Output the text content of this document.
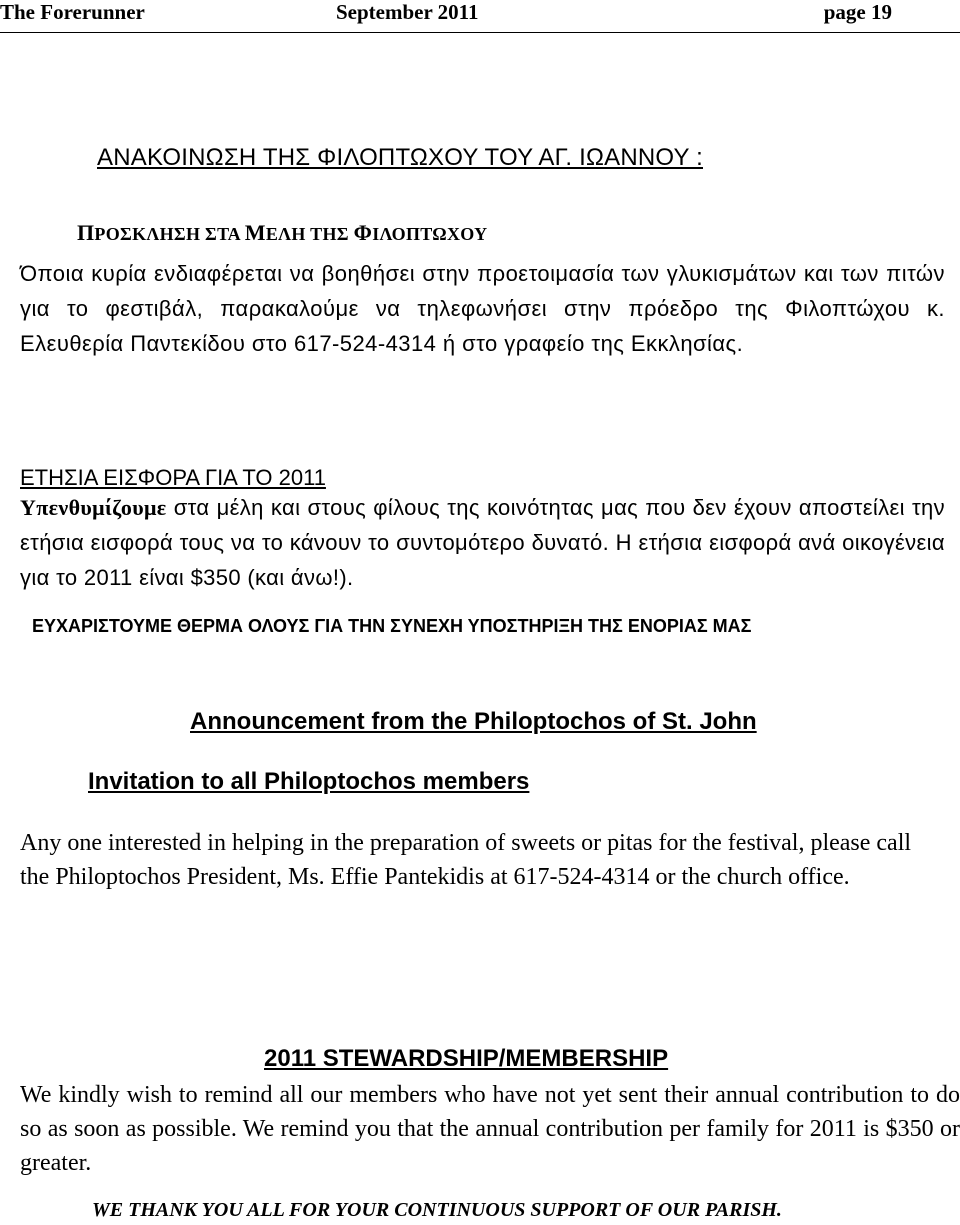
The Forerunner	September 2011	page 19
ΑΝΑΚΟΙΝΩΣΗ ΤΗΣ ΦΙΛΟΠΤΩΧΟΥ ΤΟΥ ΑΓ. ΙΩΑΝΝΟΥ :
ΠΡΟΣΚΛΗΣΗ ΣΤΑ ΜΕΛΗ ΤΗΣ ΦΙΛΟΠΤΩΧΟΥ

Όποια κυρία ενδιαφέρεται να βοηθήσει στην προετοιμασία των γλυκισμάτων και των πιτών για το φεστιβάλ, παρακαλούμε να τηλεφωνήσει στην πρόεδρο της Φιλοπτώχου κ. Ελευθερία Παντεκίδου στο 617-524-4314 ή στο γραφείο της Εκκλησίας.

ΕΤΗΣΙΑ ΕΙΣΦΟΡΑ ΓΙΑ ΤΟ 2011

Υπενθυμίζουμε στα μέλη και στους φίλους της κοινότητας μας που δεν έχουν αποστείλει την ετήσια εισφορά τους να το κάνουν το συντομότερο δυνατό. Η ετήσια εισφορά ανά οικογένεια για το 2011 είναι $350 (και άνω!).

ΕΥΧΑΡΙΣΤΟΥΜΕ ΘΕΡΜΑ ΟΛΟΥΣ ΓΙΑ ΤΗΝ ΣΥΝΕΧΗ ΥΠΟΣΤΗΡΙΞΗ ΤΗΣ ΕΝΟΡΙΑΣ ΜΑΣ
Announcement from the Philoptochos of St. John
Invitation to all Philoptochos members

Any one interested in helping in the preparation of sweets or pitas for the festival, please call the Philoptochos President, Ms. Effie Pantekidis at 617-524-4314 or the church office.

2011 STEWARDSHIP/MEMBERSHIP

We kindly wish to remind all our members who have not yet sent their annual contribution to do so as soon as possible. We remind you that the annual contribution per family for 2011 is $350 or greater.

WE THANK YOU ALL FOR YOUR CONTINUOUS SUPPORT OF OUR PARISH.
